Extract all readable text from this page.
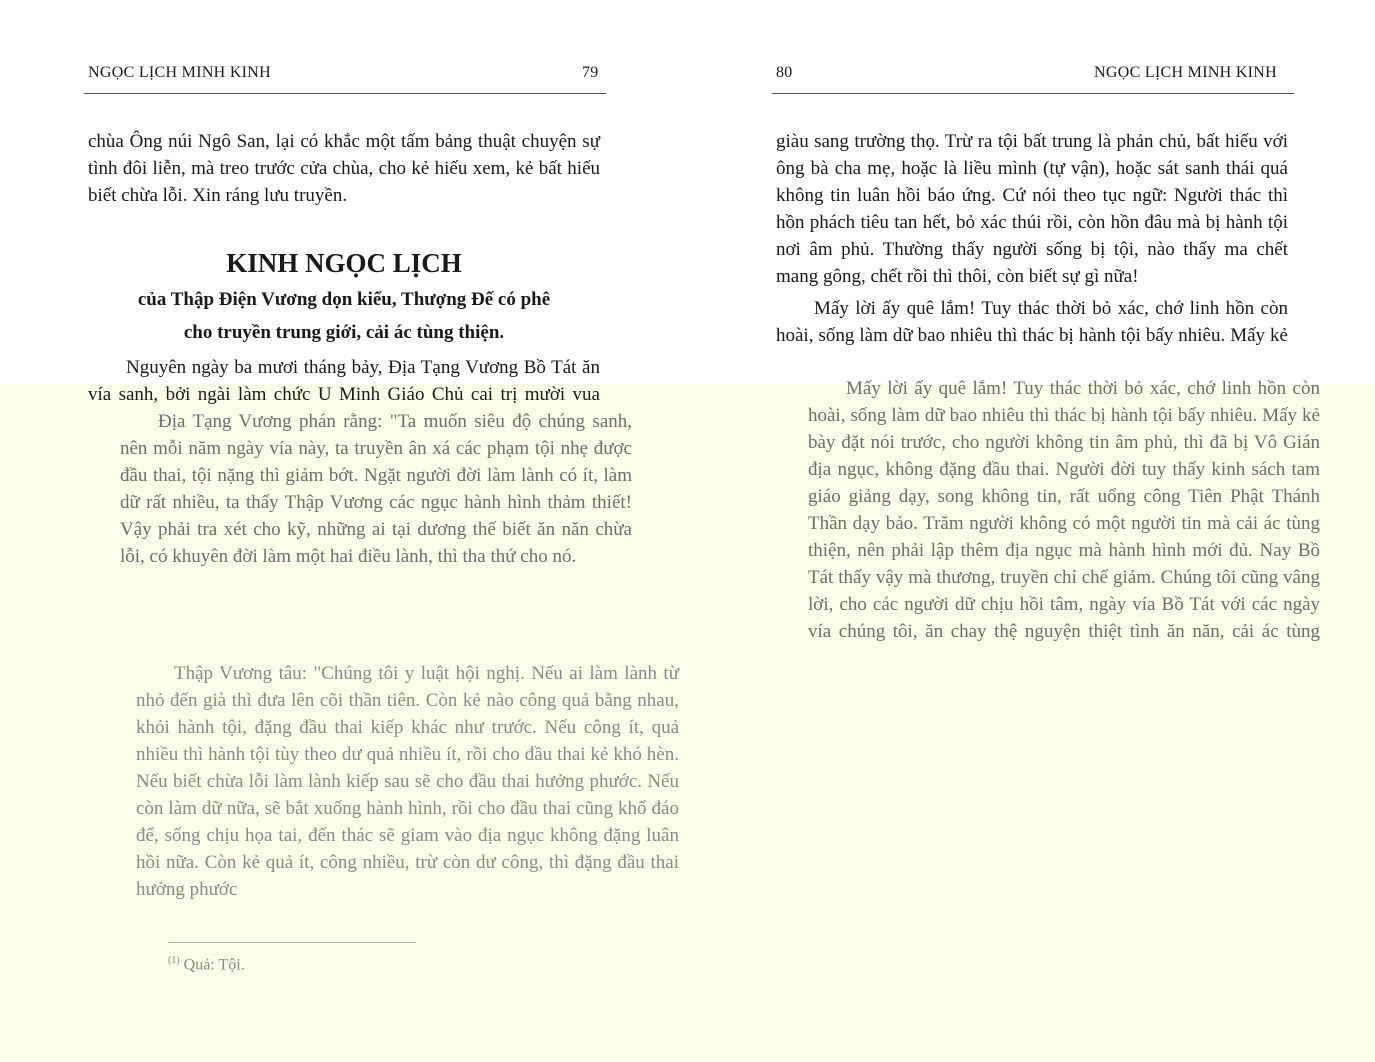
NGỌC LỊCH MINH KINH	79

chùa Ông núi Ngô San, lại có khắc một tấm bảng thuật chuyện sự tình đôi liễn, mà treo trước cửa chùa, cho kẻ hiếu xem, kẻ bất hiếu biết chừa lỗi. Xin ráng lưu truyền.

KINH NGỌC LỊCH
của Thập Điện Vương dọn kiểu, Thượng Đế có phê
cho truyền trung giới, cải ác tùng thiện.

Nguyên ngày ba mươi tháng bảy, Địa Tạng Vương Bồ Tát ăn vía sanh, bởi ngài làm chức U Minh Giáo Chủ cai trị mười vua

Địa Tạng Vương phán rằng: "Ta muốn siêu độ chúng sanh, nên mỗi năm ngày vía này, ta truyền ân xá các phạm tội nhẹ được đầu thai, tội nặng thì giảm bớt. Ngặt người đời làm lành có ít, làm dữ rất nhiều, ta thấy Thập Vương các ngục hành hình thảm thiết! Vậy phải tra xét cho kỹ, những ai tại dương thế biết ăn năn chừa lỗi, có khuyên đời làm một hai điều lành, thì tha thứ cho nó.

Thập Vương tâu: "Chúng tôi y luật hội nghị. Nếu ai làm lành từ nhỏ đến già thì đưa lên cõi thần tiên. Còn kẻ nào công quả bằng nhau, khỏi hành tội, đặng đầu thai kiếp khác như trước. Nếu công ít, quả nhiều thì hành tội tùy theo dư quả nhiều ít, rồi cho đầu thai kẻ khó hèn. Nếu biết chừa lỗi làm lành kiếp sau sẽ cho đầu thai hưởng phước. Nếu còn làm dữ nữa, sẽ bắt xuống hành hình, rồi cho đầu thai cũng khổ đáo để, sống chịu họa tai, đến thác sẽ giam vào địa ngục không đặng luân hồi nữa. Còn kẻ quả ít, công nhiều, trừ còn dư công, thì đặng đầu thai hưởng phước

$^{(1)}$ Quả: Tội.
80	NGỌC LỊCH MINH KINH

giàu sang trường thọ. Trừ ra tội bất trung là phản chủ, bất hiếu với ông bà cha mẹ, hoặc là liều mình (tự vận), hoặc sát sanh thái quá không tin luân hồi báo ứng. Cứ nói theo tục ngữ: Người thác thì hồn phách tiêu tan hết, bỏ xác thúi rồi, còn hồn đâu mà bị hành tội nơi âm phủ. Thường thấy người sống bị tội, nào thấy ma chết mang gông, chết rồi thì thôi, còn biết sự gì nữa!

Mấy lời ấy quê lắm! Tuy thác thời bỏ xác, chớ linh hồn còn hoài, sống làm dữ bao nhiêu thì thác bị hành tội bấy nhiêu. Mấy kẻ

Mấy lời ấy quê lắm! Tuy thác thời bỏ xác, chớ linh hồn còn hoài, sống làm dữ bao nhiêu thì thác bị hành tội bấy nhiêu. Mấy kẻ bày đặt nói trước, cho người không tin âm phủ, thì đã bị Vô Gián địa ngục, không đặng đầu thai. Người đời tuy thấy kinh sách tam giáo giảng dạy, song không tin, rất uổng công Tiên Phật Thánh Thần dạy bảo. Trăm người không có một người tin mà cải ác tùng thiện, nên phải lập thêm địa ngục mà hành hình mới đủ. Nay Bồ Tát thấy vậy mà thương, truyền chỉ chế giảm. Chúng tôi cũng vâng lời, cho các người dữ chịu hồi tâm, ngày vía Bồ Tát với các ngày vía chúng tôi, ăn chay thệ nguyện thiệt tình ăn năn, cải ác tùng
